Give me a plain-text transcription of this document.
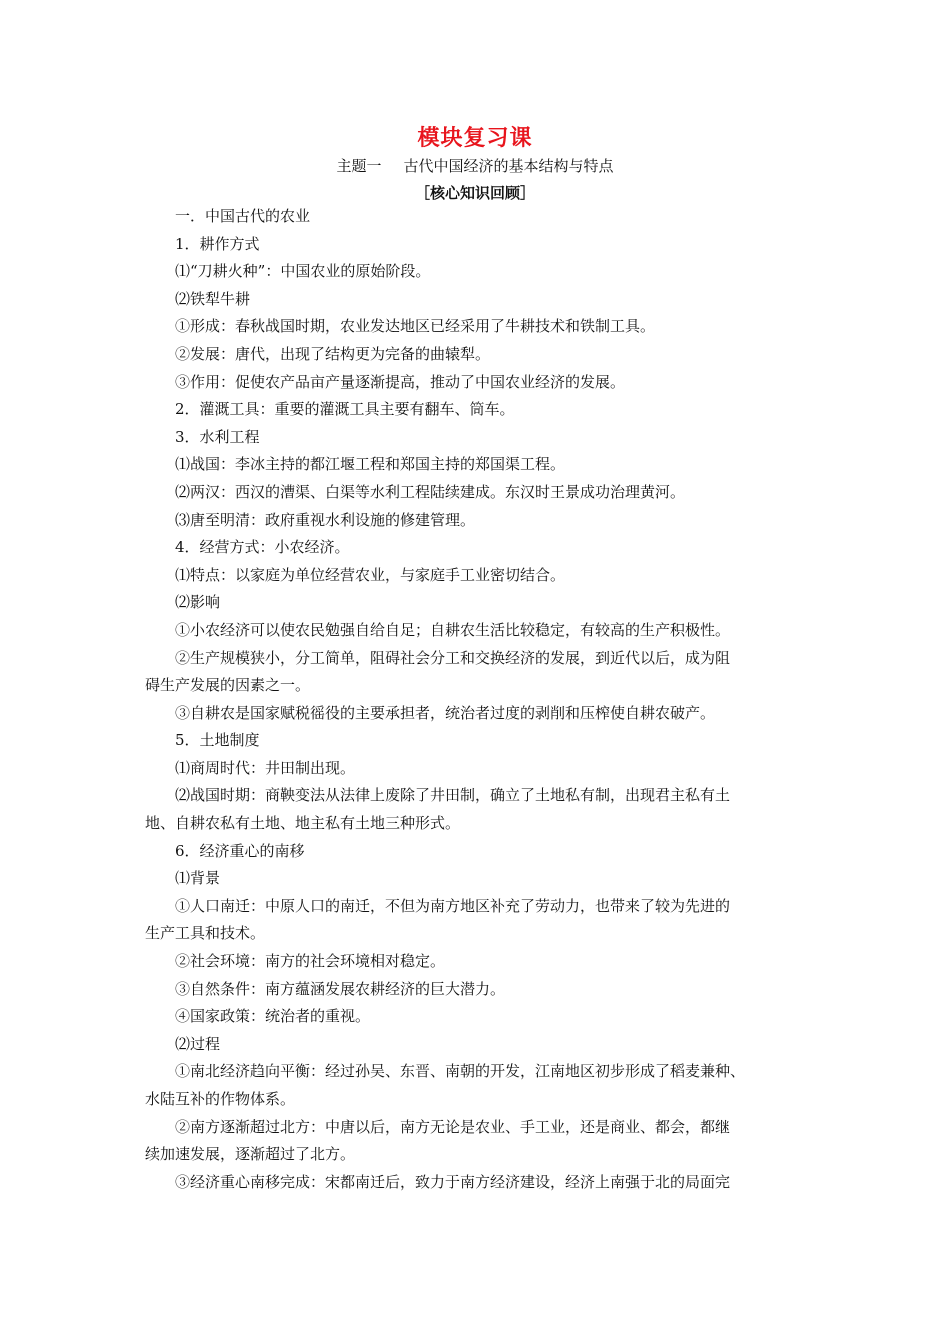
模块复习课
主题一 古代中国经济的基本结构与特点
［核心知识回顾］
一．中国古代的农业
1．耕作方式
⑴“刀耕火种”：中国农业的原始阶段。
⑵铁犁牛耕
①形成：春秋战国时期，农业发达地区已经采用了牛耕技术和铁制工具。
②发展：唐代，出现了结构更为完备的曲辕犁。
③作用：促使农产品亩产量逐渐提高，推动了中国农业经济的发展。
2．灌溉工具：重要的灌溉工具主要有翻车、筒车。
3．水利工程
⑴战国：李冰主持的都江堰工程和郑国主持的郑国渠工程。
⑵两汉：西汉的漕渠、白渠等水利工程陆续建成。东汉时王景成功治理黄河。
⑶唐至明清：政府重视水利设施的修建管理。
4．经营方式：小农经济。
⑴特点：以家庭为单位经营农业，与家庭手工业密切结合。
⑵影响
①小农经济可以使农民勉强自给自足；自耕农生活比较稳定，有较高的生产积极性。
②生产规模狭小，分工简单，阻碍社会分工和交换经济的发展，到近代以后，成为阻
碍生产发展的因素之一。
③自耕农是国家赋税徭役的主要承担者，统治者过度的剥削和压榨使自耕农破产。
5．土地制度
⑴商周时代：井田制出现。
⑵战国时期：商鞅变法从法律上废除了井田制，确立了土地私有制，出现君主私有土
地、自耕农私有土地、地主私有土地三种形式。
6．经济重心的南移
⑴背景
①人口南迁：中原人口的南迁，不但为南方地区补充了劳动力，也带来了较为先进的
生产工具和技术。
②社会环境：南方的社会环境相对稳定。
③自然条件：南方蕴涵发展农耕经济的巨大潜力。
④国家政策：统治者的重视。
⑵过程
①南北经济趋向平衡：经过孙吴、东晋、南朝的开发，江南地区初步形成了稻麦兼种、
水陆互补的作物体系。
②南方逐渐超过北方：中唐以后，南方无论是农业、手工业，还是商业、都会，都继
续加速发展，逐渐超过了北方。
③经济重心南移完成：宋都南迁后，致力于南方经济建设，经济上南强于北的局面完
